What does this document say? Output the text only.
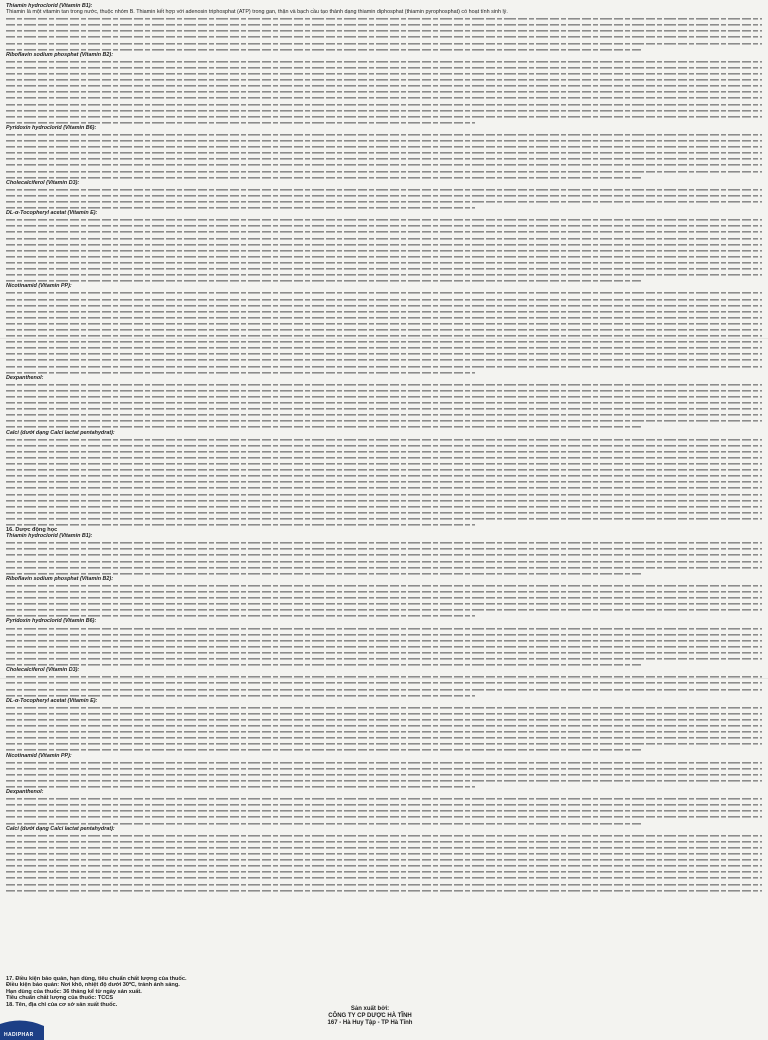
Thiamin hydroclorid (Vitamin B1):

Thiamin là một vitamin tan trong nước, thuộc nhóm B. Thiamin kết hợp với adenosin triphosphat (ATP) trong gan, thận và bạch cầu tạo thành dạng thiamin diphosphat (thiamin pyrophosphat) có hoạt tính sinh lý.

Riboflavin sodium phosphat (Vitamin B2):

Pyridoxin hydroclorid (Vitamin B6):

Cholecalciferol (Vitamin D3):

DL-α-Tocopheryl acetat (Vitamin E):

Nicotinamid (Vitamin PP):

Dexpanthenol:

Calci (dưới dạng Calci lactat pentahydrat):

16. Dược động học

Thiamin hydroclorid (Vitamin B1):

Riboflavin sodium phosphat (Vitamin B2):

Pyridoxin hydroclorid (Vitamin B6):

Cholecalciferol (Vitamin D3):

DL-α-Tocopheryl acetat (Vitamin E):

Nicotinamid (Vitamin PP):

Dexpanthenol:

Calci (dưới dạng Calci lactat pentahydrat):

17. Điều kiện bảo quản, hạn dùng, tiêu chuẩn chất lượng của thuốc.

Điều kiện bảo quản: Nơi khô, nhiệt độ dưới 30ºC, tránh ánh sáng.

Hạn dùng của thuốc: 36 tháng kể từ ngày sản xuất.

Tiêu chuẩn chất lượng của thuốc: TCCS

18. Tên, địa chỉ của cơ sở sản xuất thuốc.

Sản xuất bởi:

CÔNG TY CP DƯỢC HÀ TĨNH

167 - Hà Huy Tập - TP Hà Tĩnh

HADIPHAR
